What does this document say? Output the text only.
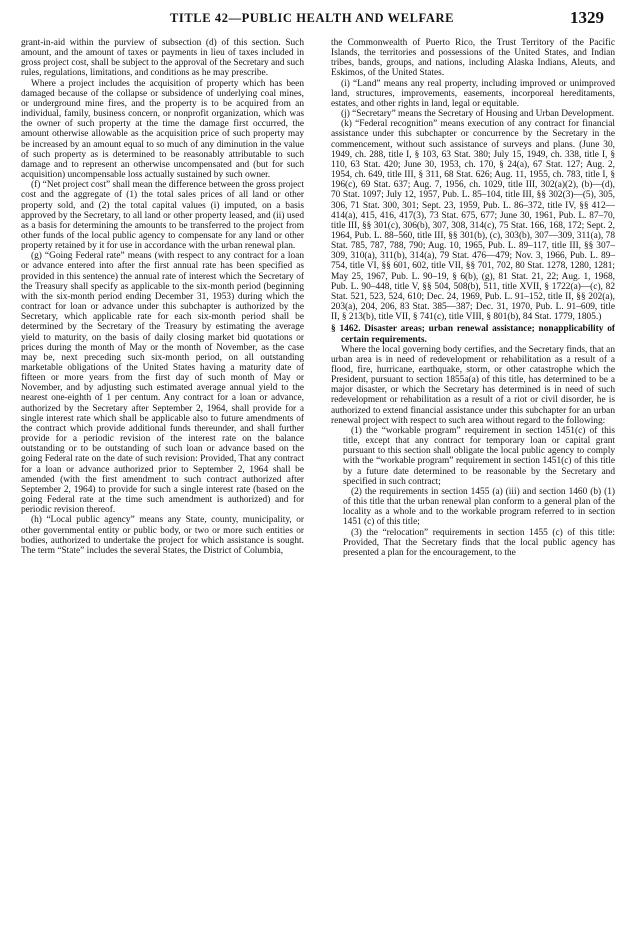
TITLE 42—PUBLIC HEALTH AND WELFARE	1329

grant-in-aid within the purview of subsection (d) of this section. Such amount, and the amount of taxes or payments in lieu of taxes included in gross project cost, shall be subject to the approval of the Secretary and such rules, regulations, limitations, and conditions as he may prescribe.

Where a project includes the acquisition of property which has been damaged because of the collapse or subsidence of underlying coal mines, or underground mine fires, and the property is to be acquired from an individual, family, business concern, or nonprofit organization, which was the owner of such property at the time the damage first occurred, the amount otherwise allowable as the acquisition price of such property may be increased by an amount equal to so much of any diminution in the value of such property as is determined to be reasonably attributable to such damage and to represent an otherwise uncompensated and (but for such acquisition) uncompensable loss actually sustained by such owner.

(f) “Net project cost” shall mean the difference between the gross project cost and the aggregate of (1) the total sales prices of all land or other property sold, and (2) the total capital values (i) imputed, on a basis approved by the Secretary, to all land or other property leased, and (ii) used as a basis for determining the amounts to be transferred to the project from other funds of the local public agency to compensate for any land or other property retained by it for use in accordance with the urban renewal plan.

(g) “Going Federal rate” means (with respect to any contract for a loan or advance entered into after the first annual rate has been specified as provided in this sentence) the annual rate of interest which the Secretary of the Treasury shall specify as applicable to the six-month period (beginning with the six-month period ending December 31, 1953) during which the contract for loan or advance under this subchapter is authorized by the Secretary, which applicable rate for each six-month period shall be determined by the Secretary of the Treasury by estimating the average yield to maturity, on the basis of daily closing market bid quotations or prices during the month of May or the month of November, as the case may be, next preceding such six-month period, on all outstanding marketable obligations of the United States having a maturity date of fifteen or more years from the first day of such month of May or November, and by adjusting such estimated average annual yield to the nearest one-eighth of 1 per centum. Any contract for a loan or advance, authorized by the Secretary after September 2, 1964, shall provide for a single interest rate which shall be applicable also to future amendments of the contract which provide additional funds thereunder, and shall further provide for a periodic revision of the interest rate on the balance outstanding or to be outstanding of such loan or advance based on the going Federal rate on the date of such revision: Provided, That any contract for a loan or advance authorized prior to September 2, 1964 shall be amended (with the first amendment to such contract authorized after September 2, 1964) to provide for such a single interest rate (based on the going Federal rate at the time such amendment is authorized) and for periodic revision thereof.

(h) “Local public agency” means any State, county, municipality, or other governmental entity or public body, or two or more such entities or bodies, authorized to undertake the project for which assistance is sought. The term “State” includes the several States, the District of Columbia,

the Commonwealth of Puerto Rico, the Trust Territory of the Pacific Islands, the territories and possessions of the United States, and Indian tribes, bands, groups, and nations, including Alaska Indians, Aleuts, and Eskimos, of the United States.

(i) “Land” means any real property, including improved or unimproved land, structures, improvements, easements, incorporeal hereditaments, estates, and other rights in land, legal or equitable.

(j) “Secretary” means the Secretary of Housing and Urban Development.

(k) “Federal recognition” means execution of any contract for financial assistance under this subchapter or concurrence by the Secretary in the commencement, without such assistance of surveys and plans. (June 30, 1949, ch. 288, title I, § 103, 63 Stat. 380; July 15, 1949, ch. 338, title I, § 110, 63 Stat. 420; June 30, 1953, ch. 170, § 24(a), 67 Stat. 127; Aug. 2, 1954, ch. 649, title III, § 311, 68 Stat. 626; Aug. 11, 1955, ch. 783, title I, § 196(c), 69 Stat. 637; Aug. 7, 1956, ch. 1029, title III, 302(a)(2), (b)—(d), 70 Stat. 1097; July 12, 1957, Pub. L. 85–104, title III, §§ 302(3)—(5), 305, 306, 71 Stat. 300, 301; Sept. 23, 1959, Pub. L. 86–372, title IV, §§ 412—414(a), 415, 416, 417(3), 73 Stat. 675, 677; June 30, 1961, Pub. L. 87–70, title III, §§ 301(c), 306(b), 307, 308, 314(c), 75 Stat. 166, 168, 172; Sept. 2, 1964, Pub. L. 88–560, title III, §§ 301(b), (c), 303(b), 307—309, 311(a), 78 Stat. 785, 787, 788, 790; Aug. 10, 1965, Pub. L. 89–117, title III, §§ 307–309, 310(a), 311(b), 314(a), 79 Stat. 476—479; Nov. 3, 1966, Pub. L. 89–754, title VI, §§ 601, 602, title VII, §§ 701, 702, 80 Stat. 1278, 1280, 1281; May 25, 1967, Pub. L. 90–19, § 6(b), (g), 81 Stat. 21, 22; Aug. 1, 1968, Pub. L. 90–448, title V, §§ 504, 508(b), 511, title XVII, § 1722(a)—(c), 82 Stat. 521, 523, 524, 610; Dec. 24, 1969, Pub. L. 91–152, title II, §§ 202(a), 203(a), 204, 206, 83 Stat. 385—387; Dec. 31, 1970, Pub. L. 91–609, title II, § 213(b), title VII, § 741(c), title VIII, § 801(b), 84 Stat. 1779, 1805.)

§ 1462. Disaster areas; urban renewal assistance; nonapplicability of certain requirements.

Where the local governing body certifies, and the Secretary finds, that an urban area is in need of redevelopment or rehabilitation as a result of a flood, fire, hurricane, earthquake, storm, or other catastrophe which the President, pursuant to section 1855a(a) of this title, has determined to be a major disaster, or which the Secretary has determined is in need of such redevelopment or rehabilitation as a result of a riot or civil disorder, he is authorized to extend financial assistance under this subchapter for an urban renewal project with respect to such area without regard to the following:

(1) the “workable program” requirement in section 1451(c) of this title, except that any contract for temporary loan or capital grant pursuant to this section shall obligate the local public agency to comply with the “workable program” requirement in section 1451(c) of this title by a future date determined to be reasonable by the Secretary and specified in such contract;

(2) the requirements in section 1455 (a) (iii) and section 1460 (b) (1) of this title that the urban renewal plan conform to a general plan of the locality as a whole and to the workable program referred to in section 1451 (c) of this title;

(3) the “relocation” requirements in section 1455 (c) of this title: Provided, That the Secretary finds that the local public agency has presented a plan for the encouragement, to the
